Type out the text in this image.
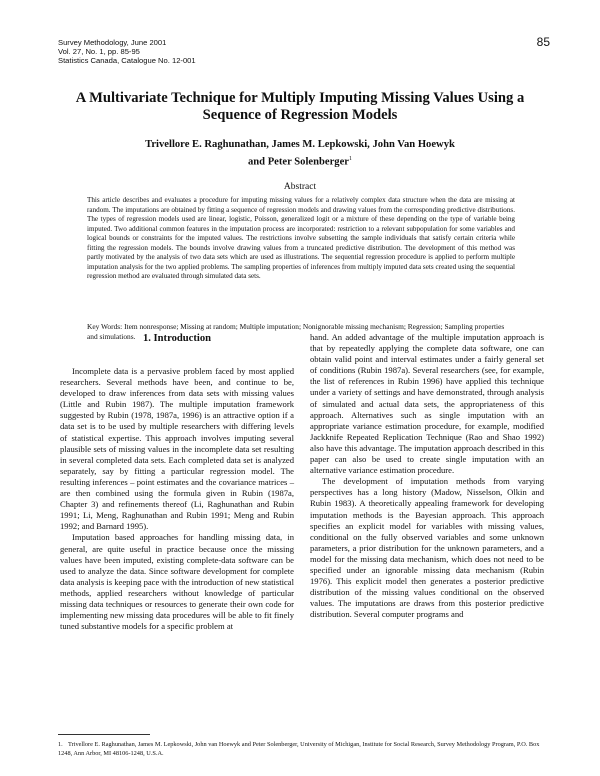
Survey Methodology, June 2001
Vol. 27, No. 1, pp. 85-95
Statistics Canada, Catalogue No. 12-001
85
A Multivariate Technique for Multiply Imputing Missing Values Using a Sequence of Regression Models
Trivellore E. Raghunathan, James M. Lepkowski, John Van Hoewyk
and Peter Solenberger$^1$
Abstract

This article describes and evaluates a procedure for imputing missing values for a relatively complex data structure when the data are missing at random. The imputations are obtained by fitting a sequence of regression models and drawing values from the corresponding predictive distributions. The types of regression models used are linear, logistic, Poisson, generalized logit or a mixture of these depending on the type of variable being imputed. Two additional common features in the imputation process are incorporated: restriction to a relevant subpopulation for some variables and logical bounds or constraints for the imputed values. The restrictions involve subsetting the sample individuals that satisfy certain criteria while fitting the regression models. The bounds involve drawing values from a truncated predictive distribution. The development of this method was partly motivated by the analysis of two data sets which are used as illustrations. The sequential regression procedure is applied to perform multiple imputation analysis for the two applied problems. The sampling properties of inferences from multiply imputed data sets created using the sequential regression method are evaluated through simulated data sets.

Key Words: Item nonresponse; Missing at random; Multiple imputation; Nonignorable missing mechanism; Regression; Sampling properties and simulations. 1. Introduction

Incomplete data is a pervasive problem faced by most applied researchers. Several methods have been, and continue to be, developed to draw inferences from data sets with missing values (Little and Rubin 1987). The multiple imputation framework suggested by Rubin (1978, 1987a, 1996) is an attractive option if a data set is to be used by multiple researchers with differing levels of statistical expertise. This approach involves imputing several plausible sets of missing values in the incomplete data set resulting in several completed data sets. Each completed data set is analyzed separately, say by fitting a particular regression model. The resulting inferences – point estimates and the covariance matrices – are then combined using the formula given in Rubin (1987a, Chapter 3) and refinements thereof (Li, Raghunathan and Rubin 1991; Li, Meng, Raghunathan and Rubin 1991; Meng and Rubin 1992; and Barnard 1995).

Imputation based approaches for handling missing data, in general, are quite useful in practice because once the missing values have been imputed, existing complete-data software can be used to analyze the data. Since software development for complete data analysis is keeping pace with the introduction of new statistical methods, applied researchers without knowledge of particular missing data techniques or resources to generate their own code for implementing new missing data procedures will be able to fit finely tuned substantive models for a specific problem at

hand. An added advantage of the multiple imputation approach is that by repeatedly applying the complete data software, one can obtain valid point and interval estimates under a fairly general set of conditions (Rubin 1987a). Several researchers (see, for example, the list of references in Rubin 1996) have applied this technique under a variety of settings and have demonstrated, through analysis of simulated and actual data sets, the appropriateness of this approach. Alternatives such as single imputation with an appropriate variance estimation procedure, for example, modified Jackknife Repeated Replication Technique (Rao and Shao 1992) also have this advantage. The imputation approach described in this paper can also be used to create single imputation with an alternative variance estimation procedure.

The development of imputation methods from varying perspectives has a long history (Madow, Nisselson, Olkin and Rubin 1983). A theoretically appealing framework for developing imputation methods is the Bayesian approach. This approach specifies an explicit model for variables with missing values, conditional on the fully observed variables and some unknown parameters, a prior distribution for the unknown parameters, and a model for the missing data mechanism, which does not need to be specified under an ignorable missing data mechanism (Rubin 1976). This explicit model then generates a posterior predictive distribution of the missing values conditional on the observed values. The imputations are draws from this posterior predictive distribution. Several computer programs and

1. Trivellore E. Raghunathan, James M. Lepkowski, John van Hoewyk and Peter Solenberger, University of Michigan, Institute for Social Research, Survey Methodology Program, P.O. Box 1248, Ann Arbor, MI 48106-1248, U.S.A.
